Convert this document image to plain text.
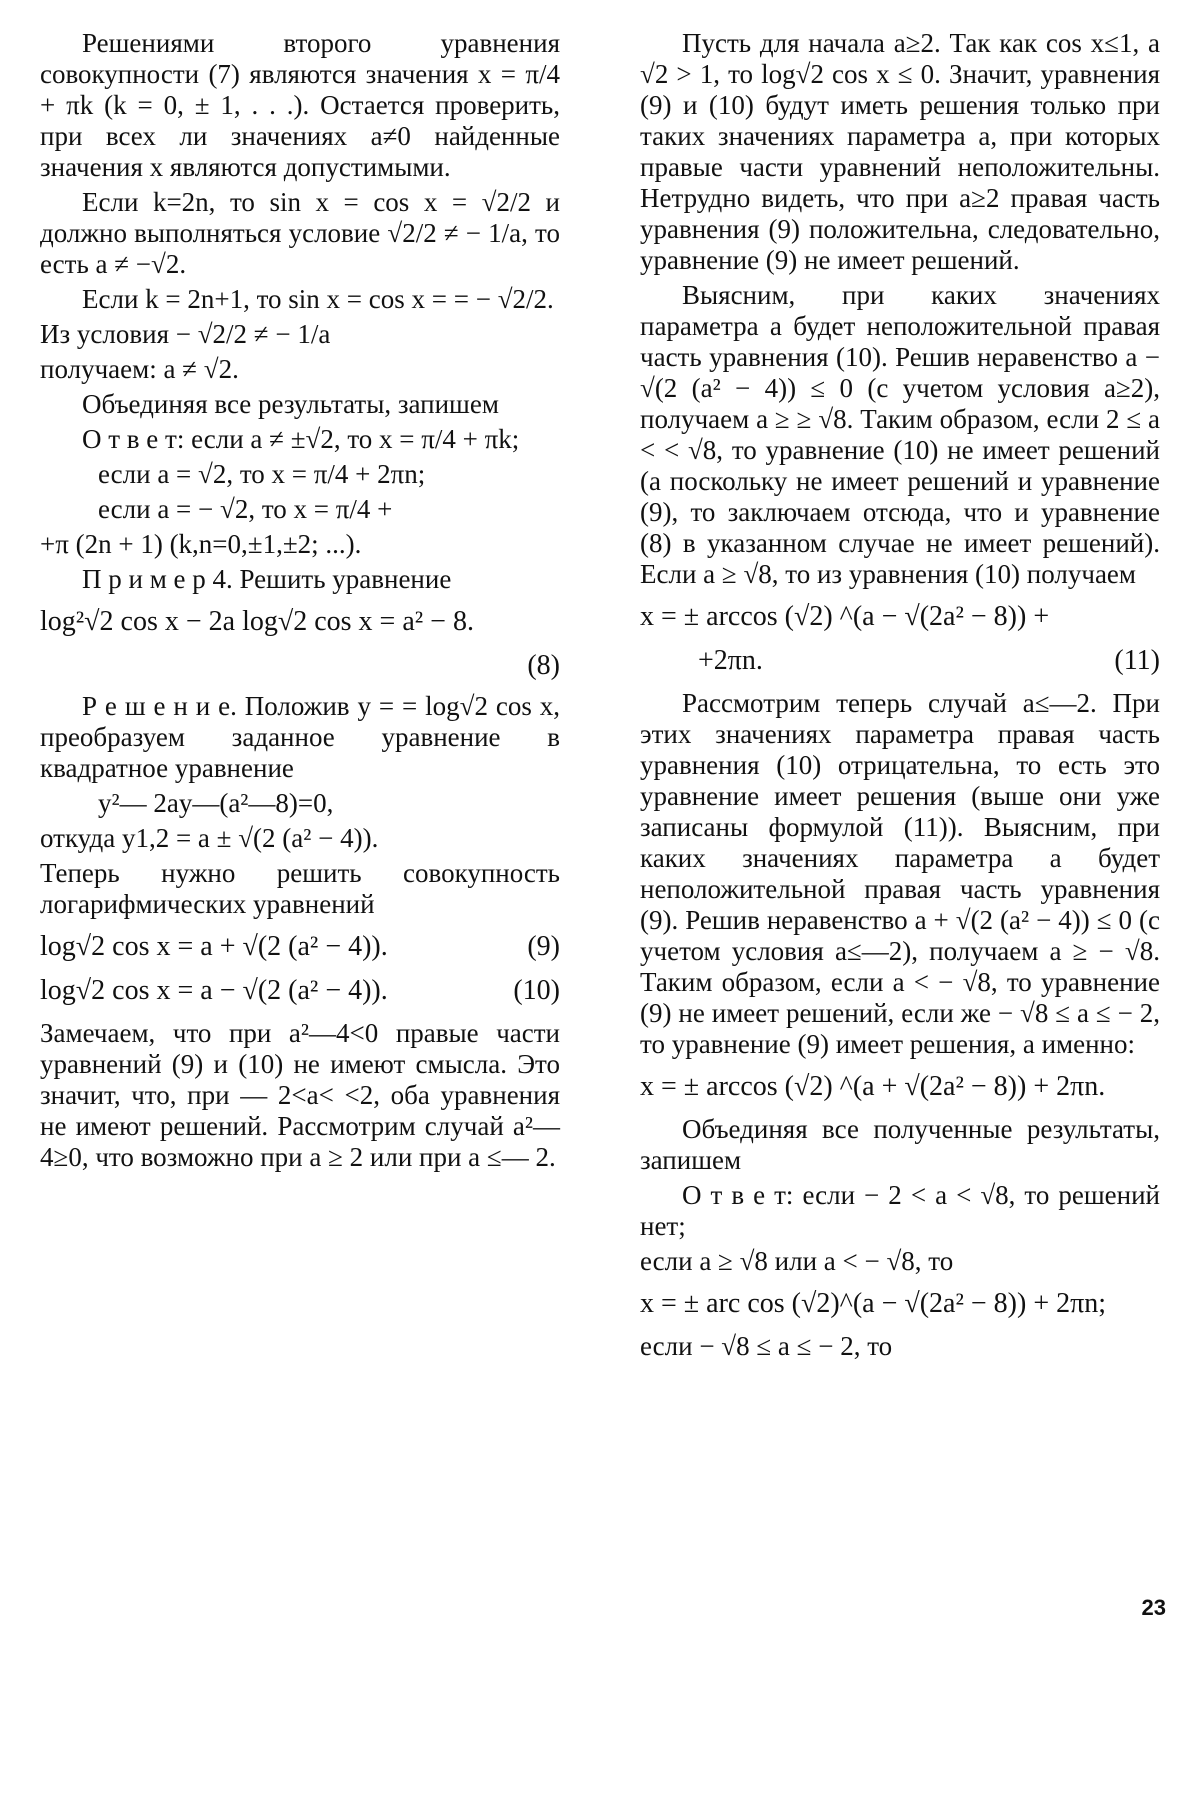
Решениями второго уравнения совокупности (7) являются значения x = π/4 + πk (k = 0, ± 1, . . .). Остается проверить, при всех ли значениях a≠0 найденные значения x являются допустимыми.
Если k=2n, то sin x = cos x = √2/2 и должно выполняться условие √2/2 ≠ − 1/a, то есть a ≠ −√2.
Если k = 2n+1, то sin x = cos x = = − √2/2.
Из условия − √2/2 ≠ − 1/a
получаем: a ≠ √2.
Объединяя все результаты, запишем
О т в е т: если a ≠ ±√2, то x = π/4 + πk;
если a = √2, то x = π/4 + 2πn;
если a = − √2, то x = π/4 +
+π (2n + 1) (k,n=0,±1,±2; ...).
П р и м е р 4. Решить уравнение
log²√2 cos x − 2a log√2 cos x = a² − 8.
(8)
Р е ш е н и е. Положив y = = log√2 cos x, преобразуем заданное уравнение в квадратное уравнение
y²— 2ay—(a²—8)=0,
откуда y1,2 = a ± √(2 (a² − 4)).
Теперь нужно решить совокупность логарифмических уравнений
log√2 cos x = a + √(2 (a² − 4)).	(9)
log√2 cos x = a − √(2 (a² − 4)).	(10)
Замечаем, что при a²—4<0 правые части уравнений (9) и (10) не имеют смысла. Это значит, что, при — 2<a< <2, оба уравнения не имеют решений. Рассмотрим случай a²—4≥0, что возможно при a ≥ 2 или при a ≤— 2.
Пусть для начала a≥2. Так как cos x≤1, а √2 > 1, то log√2 cos x ≤ 0. Значит, уравнения (9) и (10) будут иметь решения только при таких значениях параметра a, при которых правые части уравнений неположительны. Нетрудно видеть, что при a≥2 правая часть уравнения (9) положительна, следовательно, уравнение (9) не имеет решений.
Выясним, при каких значениях параметра a будет неположительной правая часть уравнения (10). Решив неравенство a − √(2 (a² − 4)) ≤ 0 (с учетом условия a≥2), получаем a ≥ ≥ √8. Таким образом, если 2 ≤ a < < √8, то уравнение (10) не имеет решений (а поскольку не имеет решений и уравнение (9), то заключаем отсюда, что и уравнение (8) в указанном случае не имеет решений). Если a ≥ √8, то из уравнения (10) получаем
x = ± arccos (√2) ^(a − √(2a² − 8)) +
+2πn.	(11)
Рассмотрим теперь случай a≤—2. При этих значениях параметра правая часть уравнения (10) отрицательна, то есть это уравнение имеет решения (выше они уже записаны формулой (11)). Выясним, при каких значениях параметра a будет неположительной правая часть уравнения (9). Решив неравенство a + √(2 (a² − 4)) ≤ 0 (с учетом условия a≤—2), получаем a ≥ − √8. Таким образом, если a < − √8, то уравнение (9) не имеет решений, если же − √8 ≤ a ≤ − 2, то уравнение (9) имеет решения, а именно:
x = ± arccos (√2) ^(a + √(2a² − 8)) + 2πn.
Объединяя все полученные результаты, запишем
О т в е т: если − 2 < a < √8, то решений нет;
если a ≥ √8 или a < − √8, то
x = ± arc cos (√2)^(a − √(2a² − 8)) + 2πn;
если − √8 ≤ a ≤ − 2, то
23
